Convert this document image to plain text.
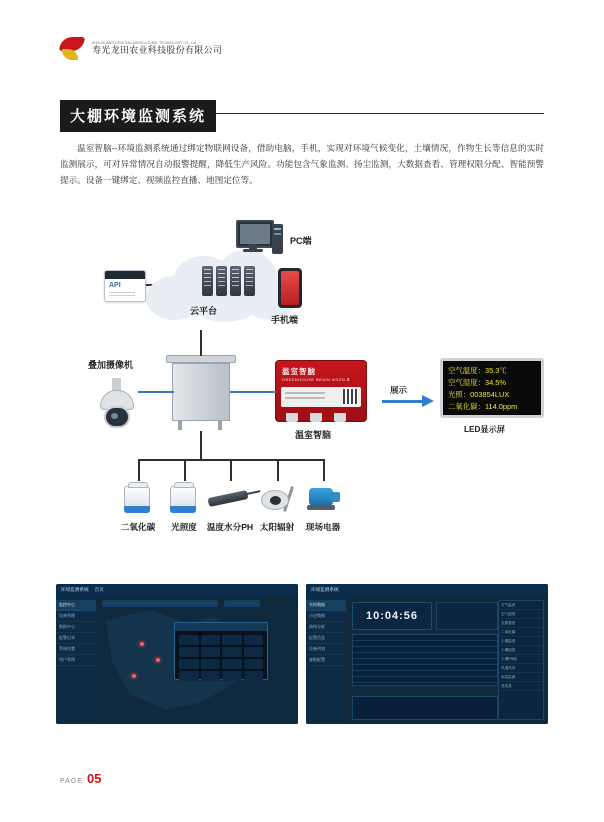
SHOUGUANG LONGTIAN AGRICULTURAL TECHNOLOGY CO., Ltd.
寿光龙田农业科技股份有限公司
大棚环境监测系统
温室智脑--环境监测系统通过绑定物联网设备，借助电脑，手机，实现对环境气候变化，土壤情况，作物生长等信息的实时监测展示，可对异常情况自动报警提醒，降低生产风险。功能包含气象监测、扬尘监测，大数据查看、管理权限分配、智能预警提示。设备一键绑定、视频监控直播、地图定位等。
云平台
PC端
API
手机端
叠加摄像机
温室智脑
GREENHOUSE BRAIN WSZN-Ⅲ
温室智脑
展示
空气温度：35.3℃
空气湿度：34.5%
光照：003854LUX
二氧化碳：114.0ppm
LED显示屏
二氧化碳	光照度	温度水分PH 太阳辐射	现场电器
环境监测系统 首页
监控中心
设备管理
数据中心
报警记录
系统设置
用户管理
环境监测系统
实时数据
历史数据
曲线分析
报警信息
设备列表
参数配置
10:04:56
空气温度
空气湿度
光照强度
二氧化碳
土壤温度
土壤湿度
土壤PH值
风速风向
雨量监测
蒸发量
PAGE 05
